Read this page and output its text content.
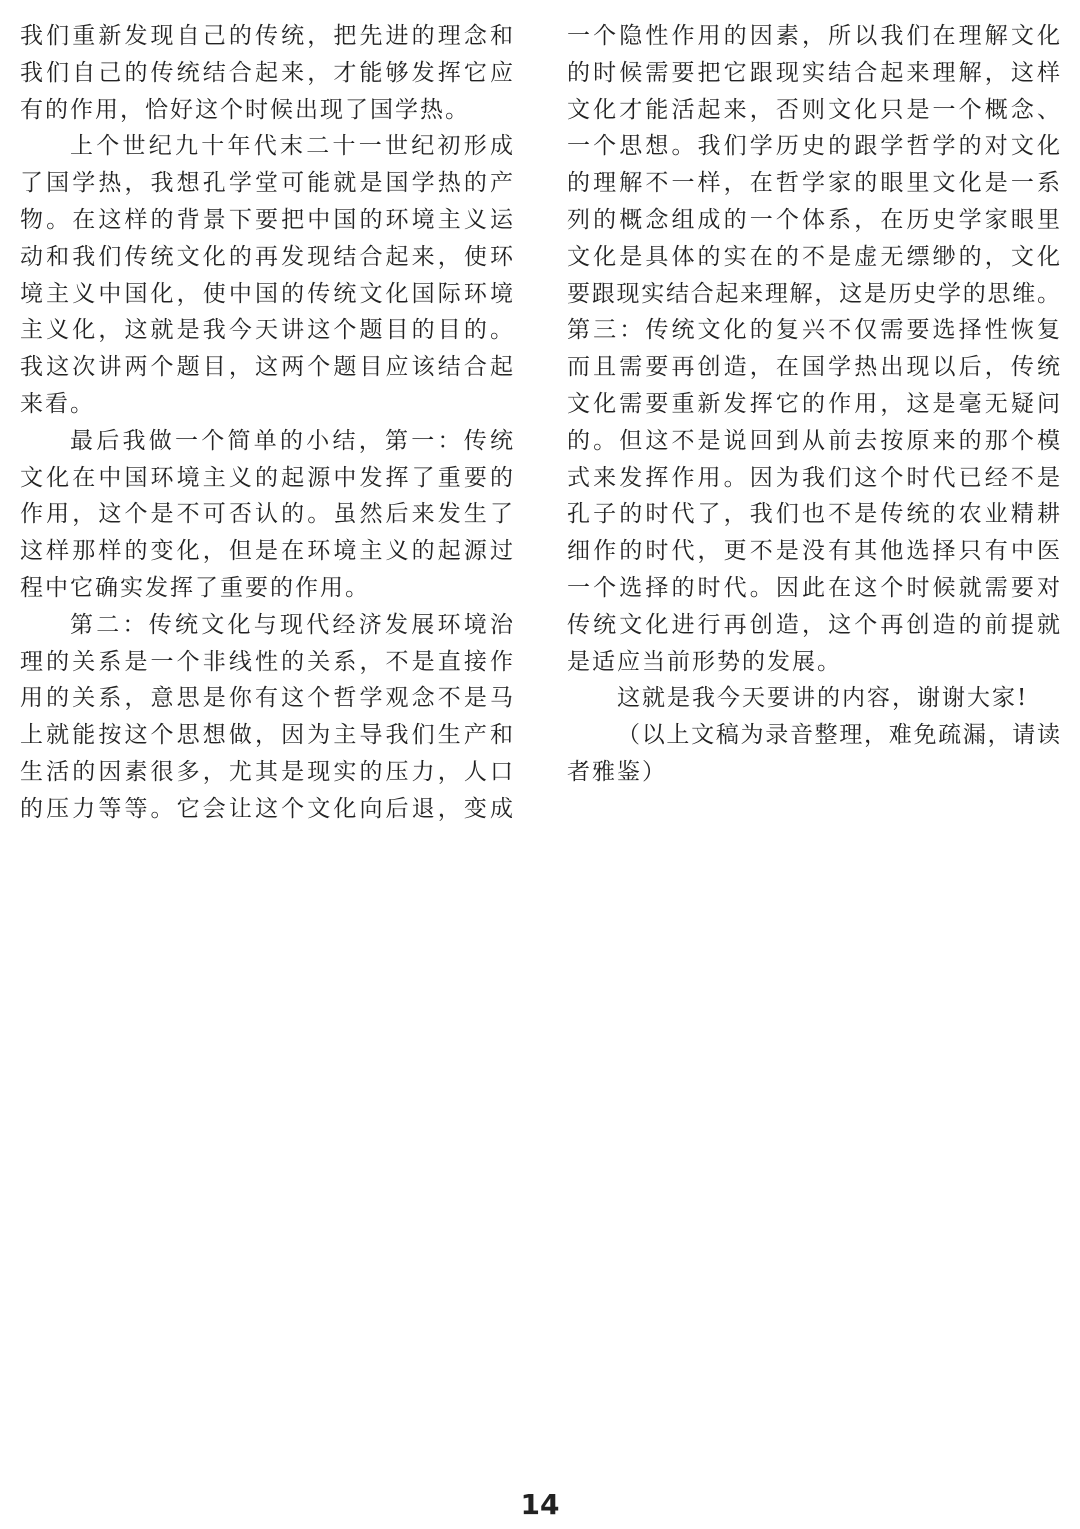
我们重新发现自己的传统，把先进的理念和
我们自己的传统结合起来，才能够发挥它应
有的作用，恰好这个时候出现了国学热。
上个世纪九十年代末二十一世纪初形成
了国学热，我想孔学堂可能就是国学热的产
物。在这样的背景下要把中国的环境主义运
动和我们传统文化的再发现结合起来，使环
境主义中国化，使中国的传统文化国际环境
主义化，这就是我今天讲这个题目的目的。
我这次讲两个题目，这两个题目应该结合起
来看。
最后我做一个简单的小结，第一：传统
文化在中国环境主义的起源中发挥了重要的
作用，这个是不可否认的。虽然后来发生了
这样那样的变化，但是在环境主义的起源过
程中它确实发挥了重要的作用。
第二：传统文化与现代经济发展环境治
理的关系是一个非线性的关系，不是直接作
用的关系，意思是你有这个哲学观念不是马
上就能按这个思想做，因为主导我们生产和
生活的因素很多，尤其是现实的压力，人口
的压力等等。它会让这个文化向后退，变成
一个隐性作用的因素，所以我们在理解文化
的时候需要把它跟现实结合起来理解，这样
文化才能活起来，否则文化只是一个概念、
一个思想。我们学历史的跟学哲学的对文化
的理解不一样，在哲学家的眼里文化是一系
列的概念组成的一个体系，在历史学家眼里
文化是具体的实在的不是虚无缥缈的，文化
要跟现实结合起来理解，这是历史学的思维。
第三：传统文化的复兴不仅需要选择性恢复
而且需要再创造，在国学热出现以后，传统
文化需要重新发挥它的作用，这是毫无疑问
的。但这不是说回到从前去按原来的那个模
式来发挥作用。因为我们这个时代已经不是
孔子的时代了，我们也不是传统的农业精耕
细作的时代，更不是没有其他选择只有中医
一个选择的时代。因此在这个时候就需要对
传统文化进行再创造，这个再创造的前提就
是适应当前形势的发展。
这就是我今天要讲的内容，谢谢大家!
（以上文稿为录音整理，难免疏漏，请读
者雅鉴）
14
